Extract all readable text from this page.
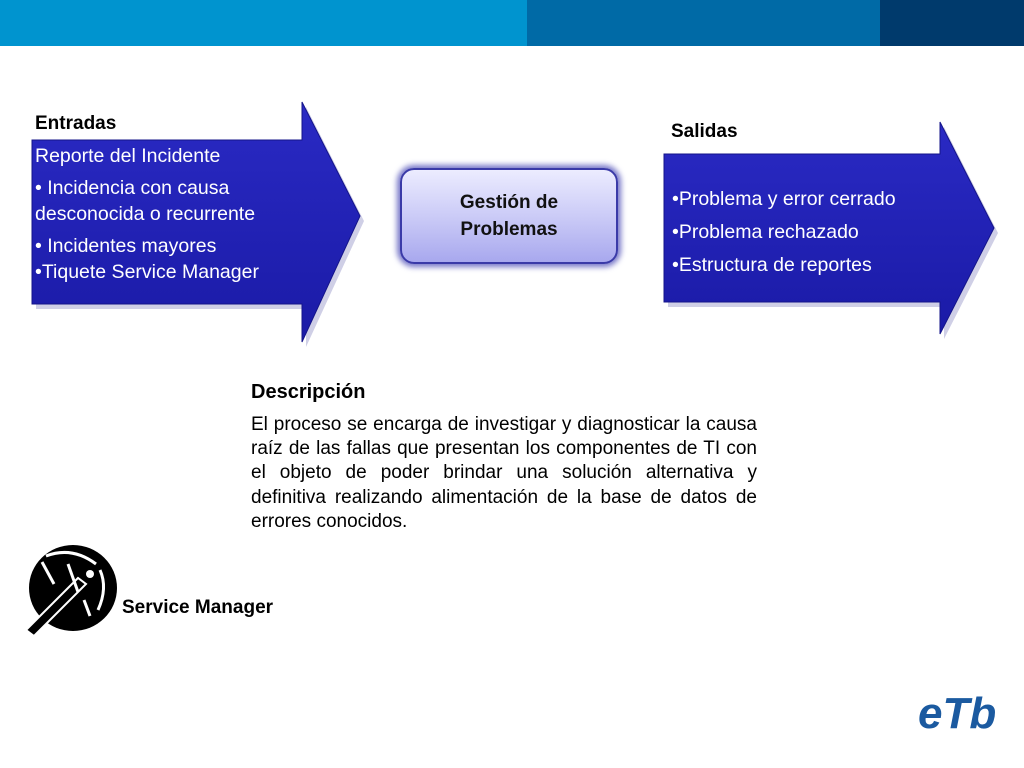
Entradas
Reporte del Incidente
• Incidencia con causa
desconocida o recurrente
• Incidentes mayores
•Tiquete Service Manager
Gestión de
Problemas
Salidas
•Problema y error cerrado
•Problema rechazado
•Estructura de reportes
Descripción
El proceso se encarga de investigar y diagnosticar la causa raíz de las fallas que presentan los componentes de TI con el objeto de poder brindar una solución alternativa y definitiva realizando alimentación de la base de datos de errores conocidos.
Service Manager
eTb
